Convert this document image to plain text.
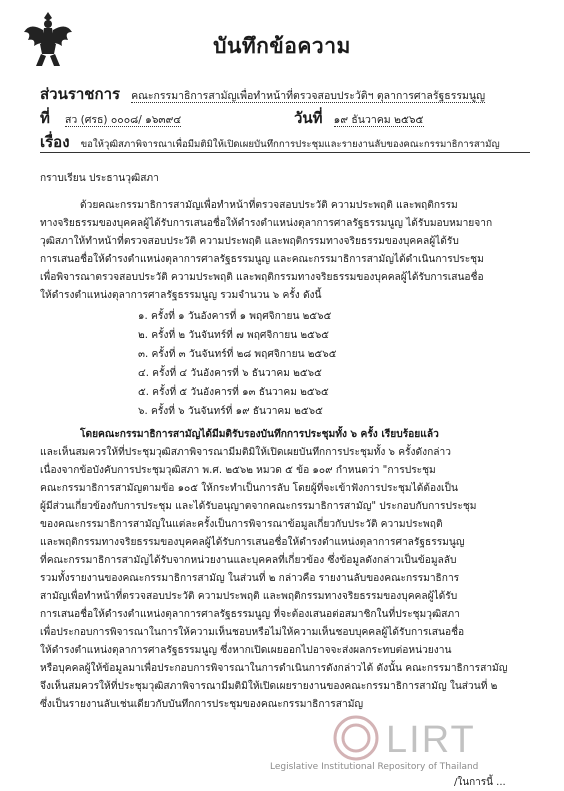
บันทึกข้อความ
ส่วนราชการ คณะกรรมาธิการสามัญเพื่อทำหน้าที่ตรวจสอบประวัติฯ ตุลาการศาลรัฐธรรมนูญ
ที่ สว (ศรธ) ๐๐๐๘/ ๑๖๓๙๔	วันที่ ๑๙ ธันวาคม ๒๕๖๕
เรื่อง ขอให้วุฒิสภาพิจารณาเพื่อมีมติมิให้เปิดเผยบันทึกการประชุมและรายงานลับของคณะกรรมาธิการสามัญ
กราบเรียน ประธานวุฒิสภา
ด้วยคณะกรรมาธิการสามัญเพื่อทำหน้าที่ตรวจสอบประวัติ ความประพฤติ และพฤติกรรม
ทางจริยธรรมของบุคคลผู้ได้รับการเสนอชื่อให้ดำรงตำแหน่งตุลาการศาลรัฐธรรมนูญ ได้รับมอบหมายจาก
วุฒิสภาให้ทำหน้าที่ตรวจสอบประวัติ ความประพฤติ และพฤติกรรมทางจริยธรรมของบุคคลผู้ได้รับ
การเสนอชื่อให้ดำรงตำแหน่งตุลาการศาลรัฐธรรมนูญ และคณะกรรมาธิการสามัญได้ดำเนินการประชุม
เพื่อพิจารณาตรวจสอบประวัติ ความประพฤติ และพฤติกรรมทางจริยธรรมของบุคคลผู้ได้รับการเสนอชื่อ
ให้ดำรงตำแหน่งตุลาการศาลรัฐธรรมนูญ รวมจำนวน ๖ ครั้ง ดังนี้
๑. ครั้งที่ ๑ วันอังคารที่ ๑ พฤศจิกายน ๒๕๖๕
๒. ครั้งที่ ๒ วันจันทร์ที่ ๗ พฤศจิกายน ๒๕๖๕
๓. ครั้งที่ ๓ วันจันทร์ที่ ๒๘ พฤศจิกายน ๒๕๖๕
๔. ครั้งที่ ๔ วันอังคารที่ ๖ ธันวาคม ๒๕๖๕
๕. ครั้งที่ ๕ วันอังคารที่ ๑๓ ธันวาคม ๒๕๖๕
๖. ครั้งที่ ๖ วันจันทร์ที่ ๑๙ ธันวาคม ๒๕๖๕
โดยคณะกรรมาธิการสามัญได้มีมติรับรองบันทึกการประชุมทั้ง ๖ ครั้ง เรียบร้อยแล้ว
และเห็นสมควรให้ที่ประชุมวุฒิสภาพิจารณามีมติมิให้เปิดเผยบันทึกการประชุมทั้ง ๖ ครั้งดังกล่าว
เนื่องจากข้อบังคับการประชุมวุฒิสภา พ.ศ. ๒๕๖๒ หมวด ๕ ข้อ ๑๐๙ กำหนดว่า "การประชุม
คณะกรรมาธิการสามัญตามข้อ ๑๐๕ ให้กระทำเป็นการลับ โดยผู้ที่จะเข้าฟังการประชุมได้ต้องเป็น
ผู้มีส่วนเกี่ยวข้องกับการประชุม และได้รับอนุญาตจากคณะกรรมาธิการสามัญ" ประกอบกับการประชุม
ของคณะกรรมาธิการสามัญในแต่ละครั้งเป็นการพิจารณาข้อมูลเกี่ยวกับประวัติ ความประพฤติ
และพฤติกรรมทางจริยธรรมของบุคคลผู้ได้รับการเสนอชื่อให้ดำรงตำแหน่งตุลาการศาลรัฐธรรมนูญ
ที่คณะกรรมาธิการสามัญได้รับจากหน่วยงานและบุคคลที่เกี่ยวข้อง ซึ่งข้อมูลดังกล่าวเป็นข้อมูลลับ
รวมทั้งรายงานของคณะกรรมาธิการสามัญ ในส่วนที่ ๒ กล่าวคือ รายงานลับของคณะกรรมาธิการ
สามัญเพื่อทำหน้าที่ตรวจสอบประวัติ ความประพฤติ และพฤติกรรมทางจริยธรรมของบุคคลผู้ได้รับ
การเสนอชื่อให้ดำรงตำแหน่งตุลาการศาลรัฐธรรมนูญ ที่จะต้องเสนอต่อสมาชิกในที่ประชุมวุฒิสภา
เพื่อประกอบการพิจารณาในการให้ความเห็นชอบหรือไม่ให้ความเห็นชอบบุคคลผู้ได้รับการเสนอชื่อ
ให้ดำรงตำแหน่งตุลาการศาลรัฐธรรมนูญ ซึ่งหากเปิดเผยออกไปอาจจะส่งผลกระทบต่อหน่วยงาน
หรือบุคคลผู้ให้ข้อมูลมาเพื่อประกอบการพิจารณาในการดำเนินการดังกล่าวได้ ดังนั้น คณะกรรมาธิการสามัญ
จึงเห็นสมควรให้ที่ประชุมวุฒิสภาพิจารณามีมติมิให้เปิดเผยรายงานของคณะกรรมาธิการสามัญ ในส่วนที่ ๒
ซึ่งเป็นรายงานลับเช่นเดียวกับบันทึกการประชุมของคณะกรรมาธิการสามัญ
LIRT
Legislative Institutional Repository of Thailand
/ในการนี้ ...
